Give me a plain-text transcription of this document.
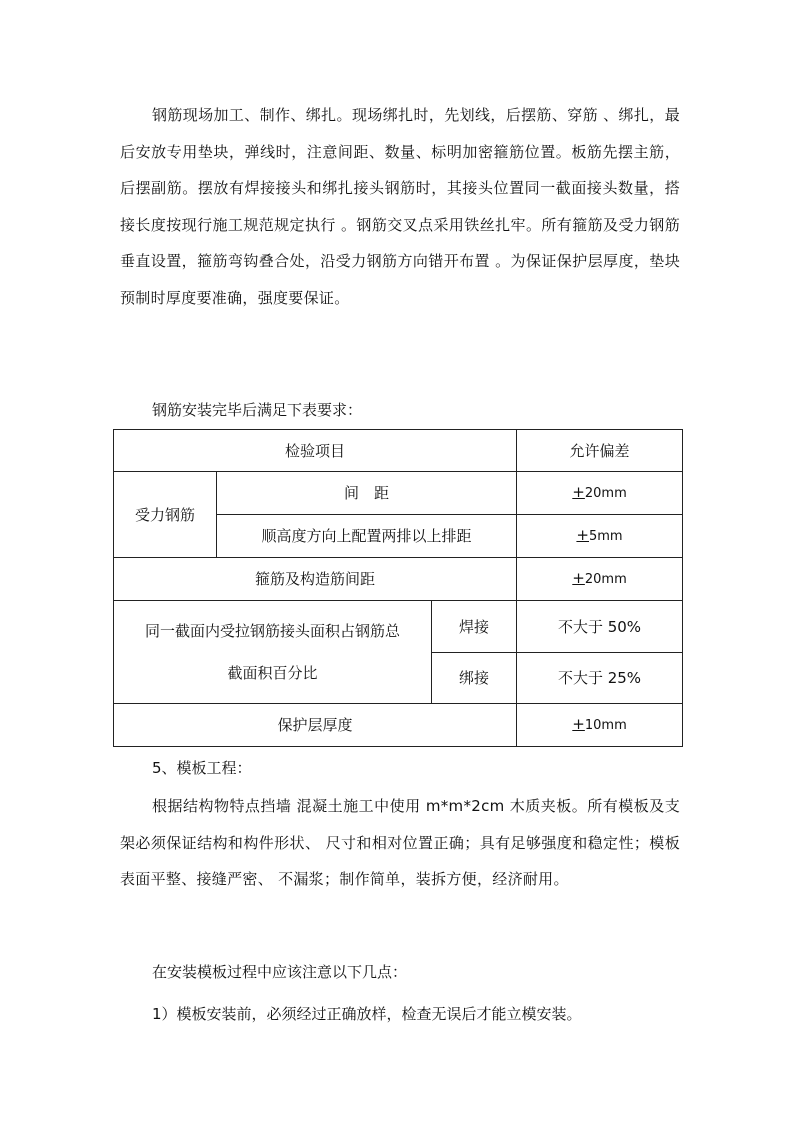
钢筋现场加工、制作、绑扎。现场绑扎时，先划线，后摆筋、穿筋 、绑扎，最后安放专用垫块，弹线时，注意间距、数量、标明加密箍筋位置。板筋先摆主筋，后摆副筋。摆放有焊接接头和绑扎接头钢筋时，其接头位置同一截面接头数量，搭接长度按现行施工规范规定执行 。钢筋交叉点采用铁丝扎牢。所有箍筋及受力钢筋垂直设置，箍筋弯钩叠合处，沿受力钢筋方向错开布置 。为保证保护层厚度，垫块预制时厚度要准确，强度要保证。

钢筋安装完毕后满足下表要求：
检验项目			允许偏差
受力钢筋	间　距		+20mm
	顺高度方向上配置两排以上排距		+5mm
箍筋及构造筋间距			+20mm

同一截面内受拉钢筋接头面积占钢筋总
截面积百分比		焊接	不大于 50%
		绑接	不大于 25%
保护层厚度			+10mm
5、模板工程：

根据结构物特点挡墙 混凝土施工中使用 m*m*2cm 木质夹板。所有模板及支架必须保证结构和构件形状、 尺寸和相对位置正确；具有足够强度和稳定性；模板表面平整、接缝严密、 不漏浆；制作简单，装拆方便，经济耐用。

在安装模板过程中应该注意以下几点：
1）模板安装前，必须经过正确放样，检查无误后才能立模安装。
